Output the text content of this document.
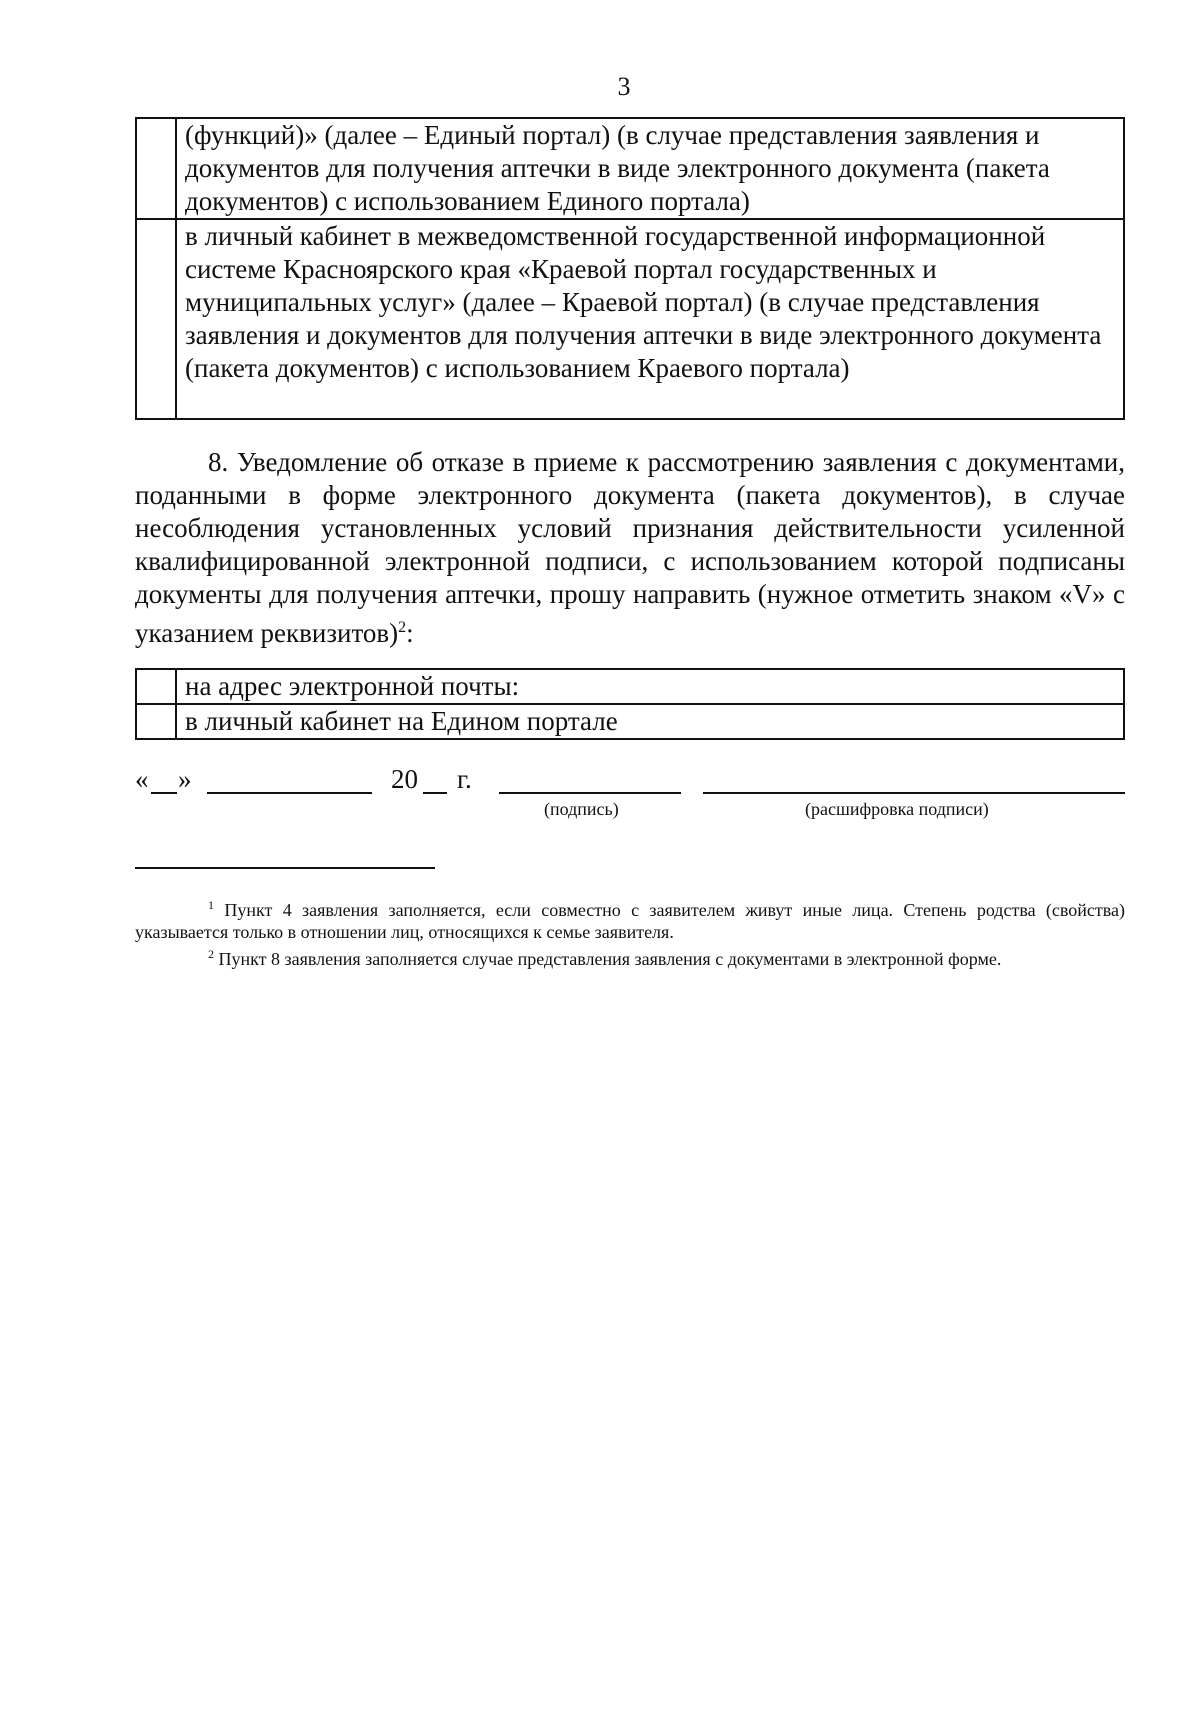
3
	(функций)» (далее – Единый портал) (в случае представления заявления и документов для получения аптечки в виде электронного документа (пакета документов) с использованием Единого портала)
	в личный кабинет в межведомственной государственной информационной системе Красноярского края «Краевой портал государственных и муниципальных услуг» (далее – Краевой портал) (в случае представления заявления и документов для получения аптечки в виде электронного документа (пакета документов) с использованием Краевого портала)
8. Уведомление об отказе в приеме к рассмотрению заявления с документами, поданными в форме электронного документа (пакета документов), в случае несоблюдения установленных условий признания действительности усиленной квалифицированной электронной подписи, с использованием которой подписаны документы для получения аптечки, прошу направить (нужное отметить знаком «V» с указанием реквизитов)$^2$:
	на адрес электронной почты:
	в личный кабинет на Едином портале
« »	20 г.
(подпись)	(расшифровка подписи)

$^1$ Пункт 4 заявления заполняется, если совместно с заявителем живут иные лица. Степень родства (свойства) указывается только в отношении лиц, относящихся к семье заявителя.

$^2$ Пункт 8 заявления заполняется случае представления заявления с документами в электронной форме.
